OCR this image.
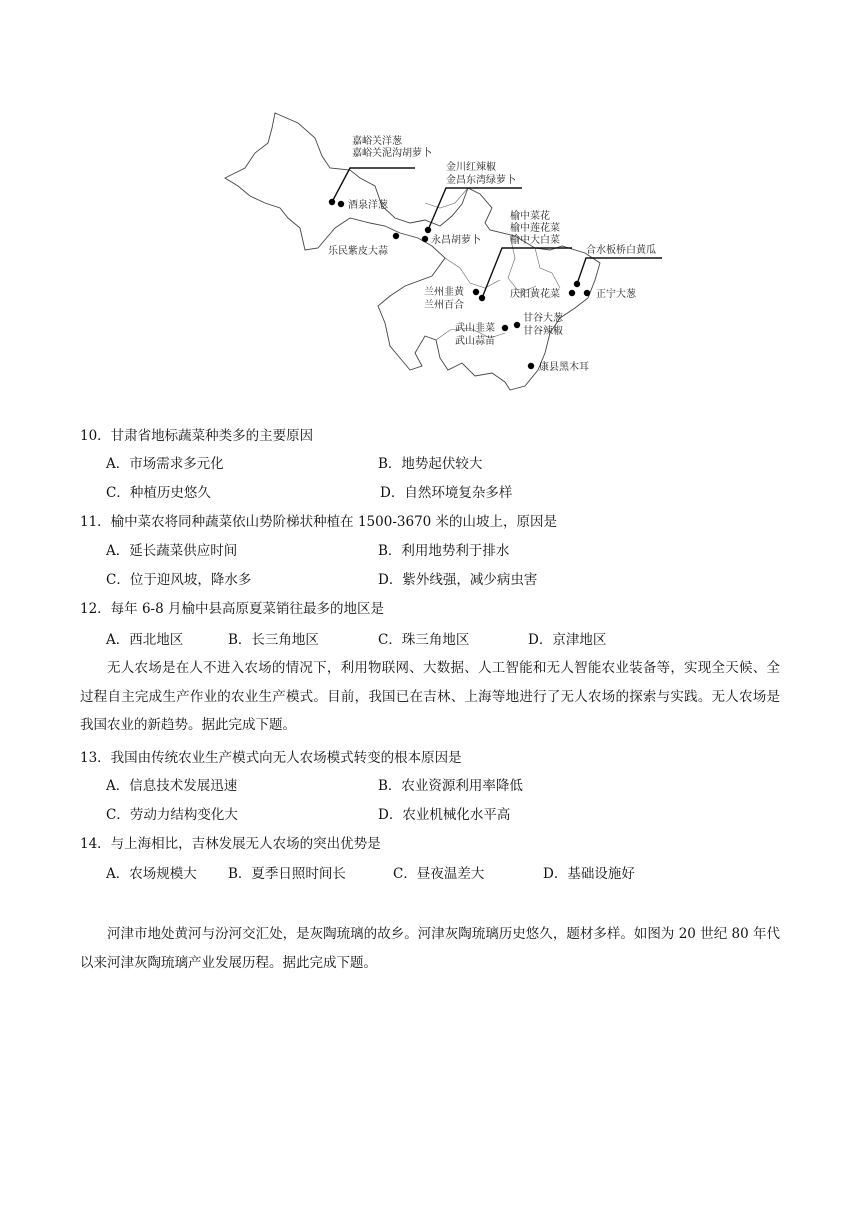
嘉峪关洋葱
嘉峪关泥沟胡萝卜
酒泉洋葱
金川红辣椒
金昌东湾绿萝卜
永昌胡萝卜
乐民紫皮大蒜
榆中菜花
榆中莲花菜
榆中大白菜
合水板桥白黄瓜
兰州韭黄
兰州百合
庆阳黄花菜	正宁大葱
甘谷大葱
甘谷辣椒
武山韭菜
武山蒜苗
康县黑木耳
10．甘肃省地标蔬菜种类多的主要原因
A．市场需求多元化	B．地势起伏较大
C．种植历史悠久	D．自然环境复杂多样
11．榆中菜农将同种蔬菜依山势阶梯状种植在 1500-3670 米的山坡上，原因是
A．延长蔬菜供应时间	B．利用地势利于排水
C．位于迎风坡，降水多	D．紫外线强，减少病虫害
12．每年 6-8 月榆中县高原夏菜销往最多的地区是
A．西北地区	B．长三角地区	C．珠三角地区	D．京津地区
无人农场是在人不进入农场的情况下，利用物联网、大数据、人工智能和无人智能农业装备等，实现全天候、全过程自主完成生产作业的农业生产模式。目前，我国已在吉林、上海等地进行了无人农场的探索与实践。无人农场是我国农业的新趋势。据此完成下题。
13．我国由传统农业生产模式向无人农场模式转变的根本原因是
A．信息技术发展迅速	B．农业资源利用率降低
C．劳动力结构变化大	D．农业机械化水平高
14．与上海相比，吉林发展无人农场的突出优势是
A．农场规模大 B．夏季日照时间长	C．昼夜温差大	D．基础设施好
河津市地处黄河与汾河交汇处，是灰陶琉璃的故乡。河津灰陶琉璃历史悠久，题材多样。如图为 20 世纪 80 年代以来河津灰陶琉璃产业发展历程。据此完成下题。
